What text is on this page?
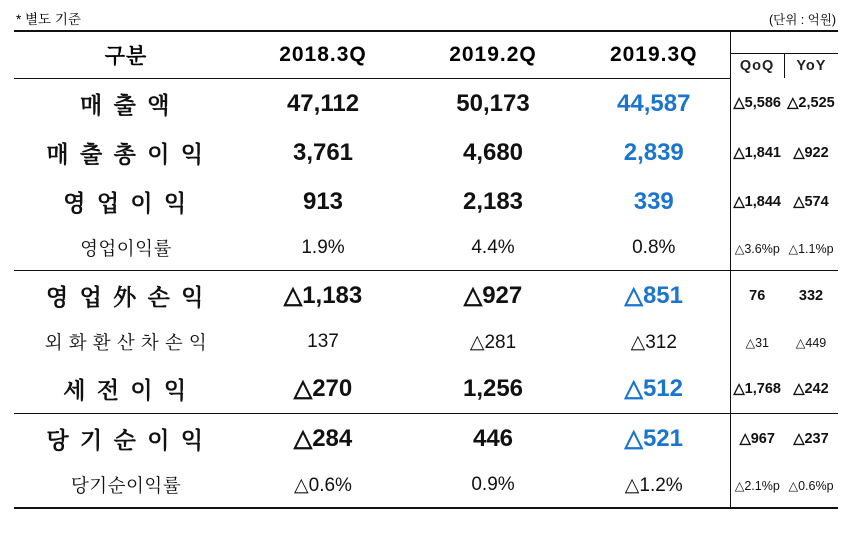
* 별도 기준	(단위 : 억원)
구분	2018.3Q	2019.2Q	2019.3Q	
QoQ	YoY

매 출 액	47,112	50,173	44,587	△5,586	△2,525
매 출 총 이 익	3,761	4,680	2,839	△1,841	△922
영 업 이 익	913	2,183	339	△1,844	△574
영업이익률	1.9%	4.4%	0.8%	△3.6%p	△1.1%p
영 업 外 손 익	△1,183	△927	△851	76	332
외 화 환 산 차 손 익	137	△281	△312	△31	△449
세 전 이 익	△270	1,256	△512	△1,768	△242
당 기 순 이 익	△284	446	△521	△967	△237
당기순이익률	△0.6%	0.9%	△1.2%	△2.1%p	△0.6%p
